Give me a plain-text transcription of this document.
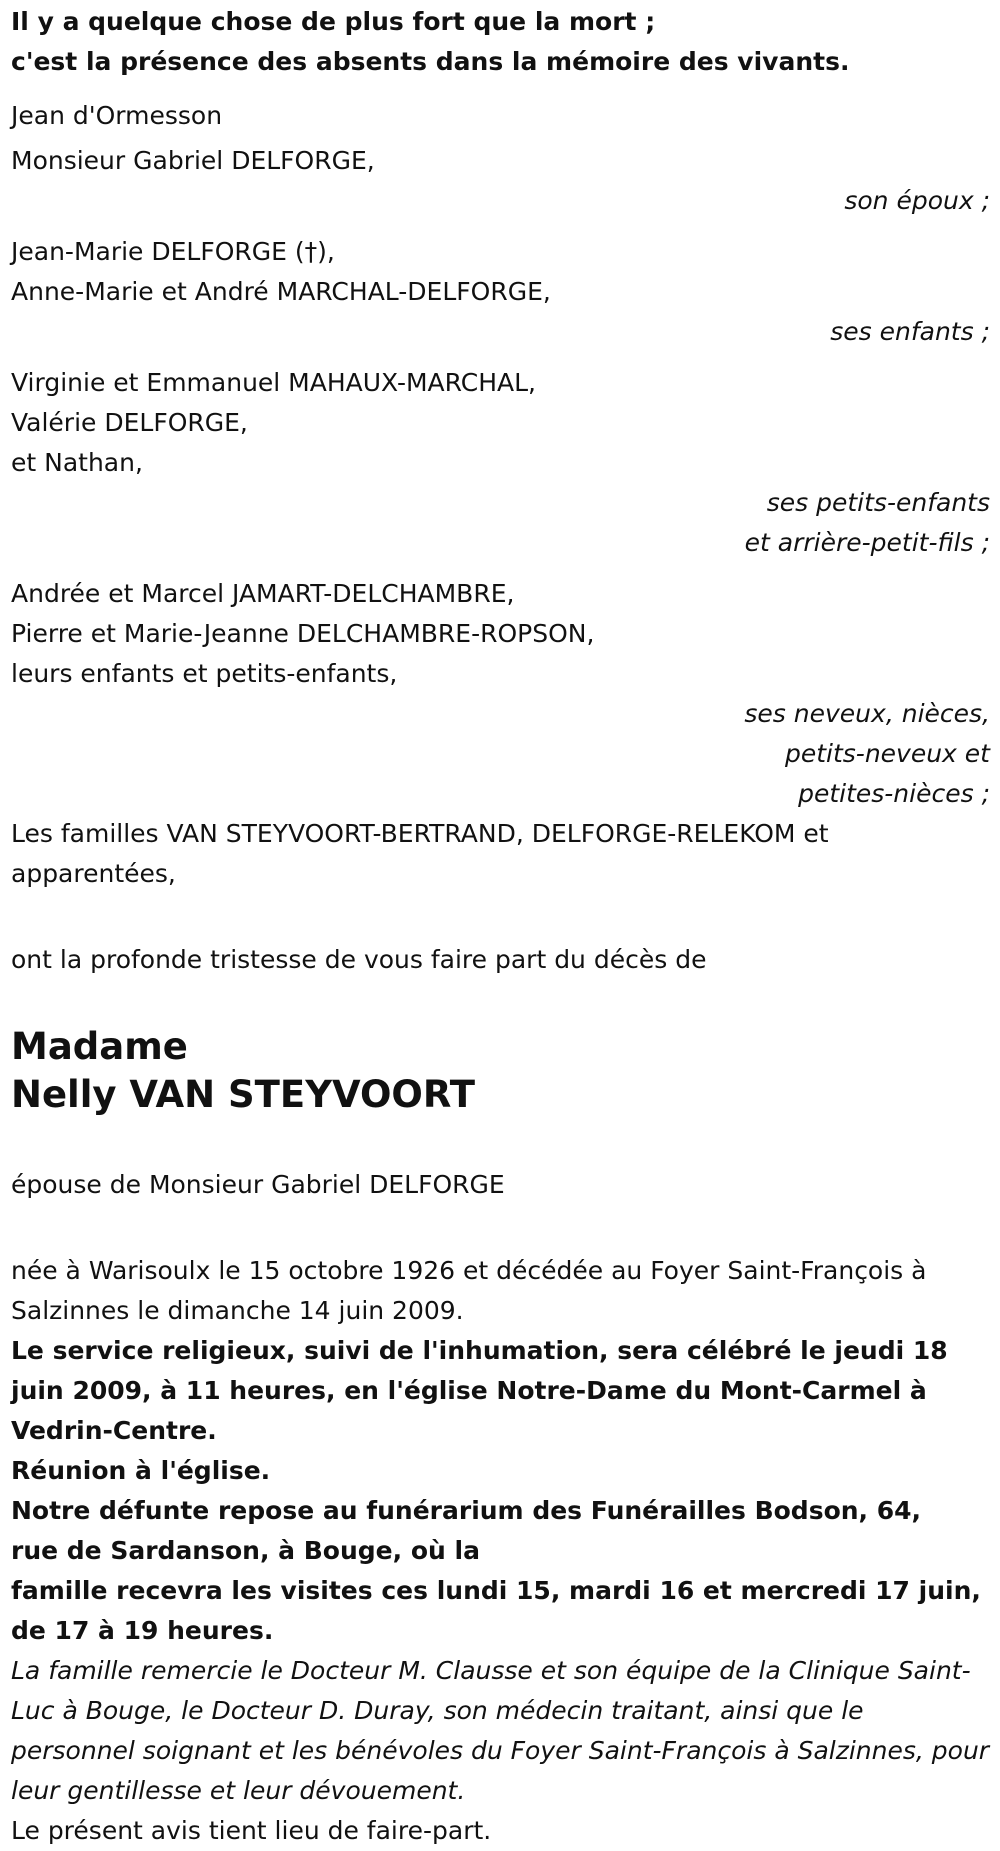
Il y a quelque chose de plus fort que la mort ;
c'est la présence des absents dans la mémoire des vivants.
Jean d'Ormesson
Monsieur Gabriel DELFORGE,
son époux ;
Jean-Marie DELFORGE (†),
Anne-Marie et André MARCHAL-DELFORGE,
ses enfants ;
Virginie et Emmanuel MAHAUX-MARCHAL,
Valérie DELFORGE,
et Nathan,
ses petits-enfants
et arrière-petit-fils ;
Andrée et Marcel JAMART-DELCHAMBRE,
Pierre et Marie-Jeanne DELCHAMBRE-ROPSON,
leurs enfants et petits-enfants,
ses neveux, nièces,
petits-neveux et
petites-nièces ;
Les familles VAN STEYVOORT-BERTRAND, DELFORGE-RELEKOM et apparentées,
ont la profonde tristesse de vous faire part du décès de
Madame
Nelly VAN STEYVOORT
épouse de Monsieur Gabriel DELFORGE
née à Warisoulx le 15 octobre 1926 et décédée au Foyer Saint-François à Salzinnes le dimanche 14 juin 2009.
Le service religieux, suivi de l'inhumation, sera célébré le jeudi 18 juin 2009, à 11 heures, en l'église Notre-Dame du Mont-Carmel à Vedrin-Centre.
Réunion à l'église.
Notre défunte repose au funérarium des Funérailles Bodson, 64, rue de Sardanson, à Bouge, où la
famille recevra les visites ces lundi 15, mardi 16 et mercredi 17 juin, de 17 à 19 heures.
La famille remercie le Docteur M. Clausse et son équipe de la Clinique Saint-Luc à Bouge, le Docteur D. Duray, son médecin traitant, ainsi que le personnel soignant et les bénévoles du Foyer Saint-François à Salzinnes, pour leur gentillesse et leur dévouement.
Le présent avis tient lieu de faire-part.
